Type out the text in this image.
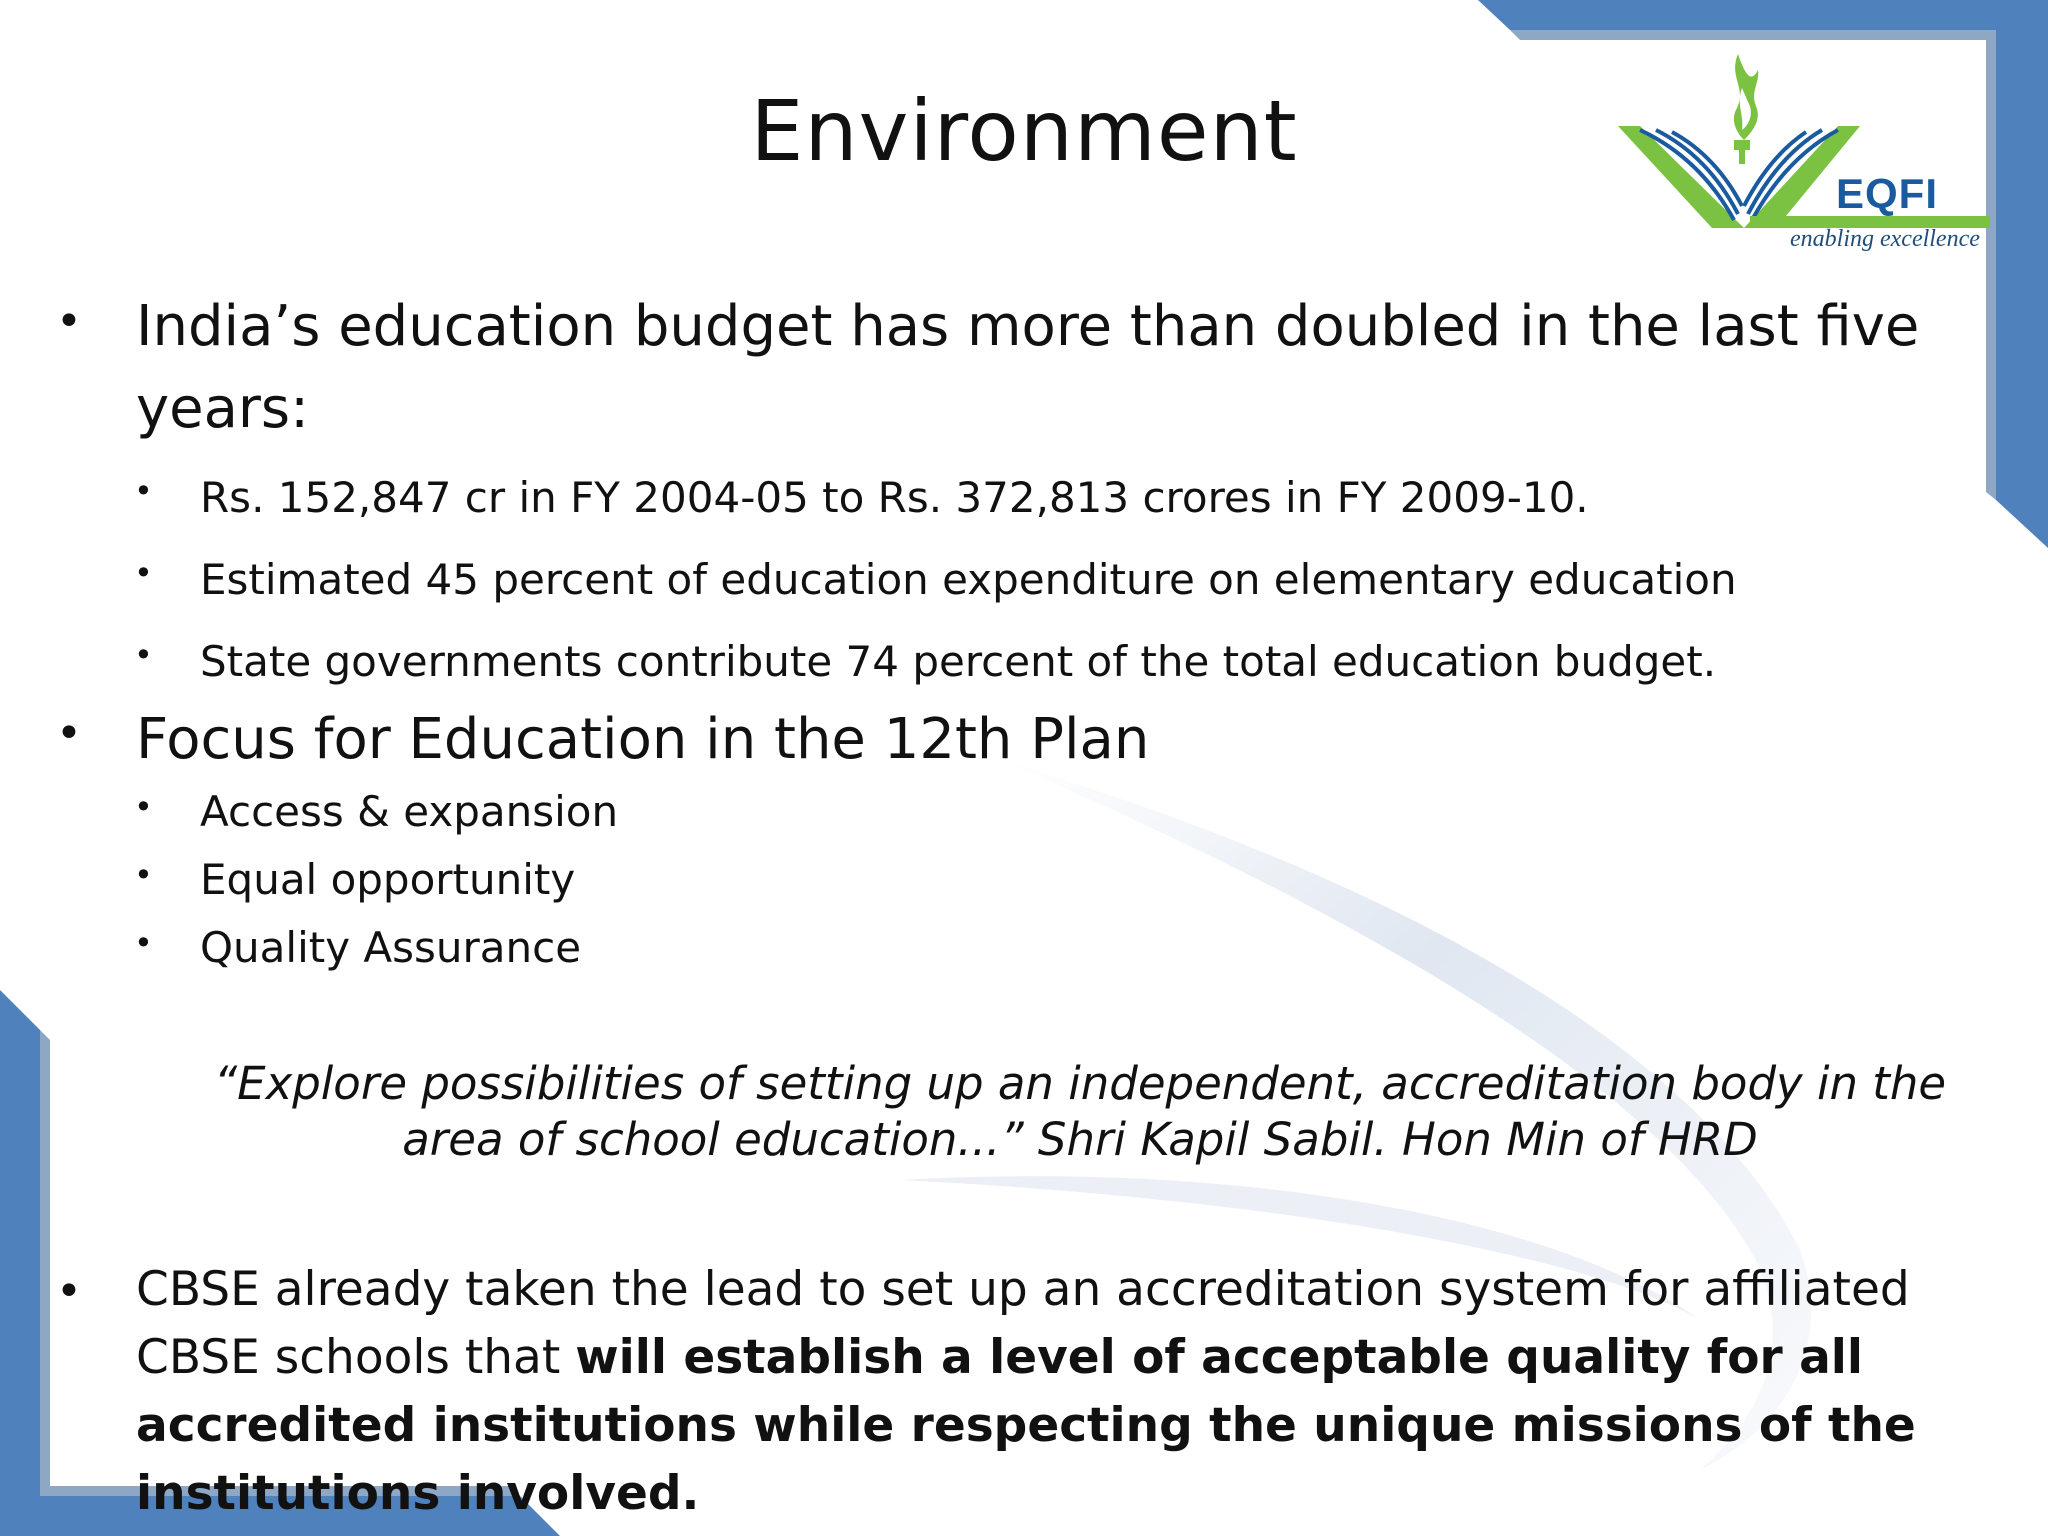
Environment
EQFI
enabling excellence
• India’s education budget has more than doubled in the last five years:
• Rs. 152,847 cr in FY 2004-05 to Rs. 372,813 crores in FY 2009-10.
• Estimated 45 percent of education expenditure on elementary education
• State governments contribute 74 percent of the total education budget.
• Focus for Education in the 12th Plan
• Access & expansion
• Equal opportunity
• Quality Assurance
“Explore possibilities of setting up an independent, accreditation body in the area of school education...” Shri Kapil Sabil. Hon Min of HRD
• CBSE already taken the lead to set up an accreditation system for affiliated CBSE schools that will establish a level of acceptable quality for all accredited institutions while respecting the unique missions of the institutions involved.
